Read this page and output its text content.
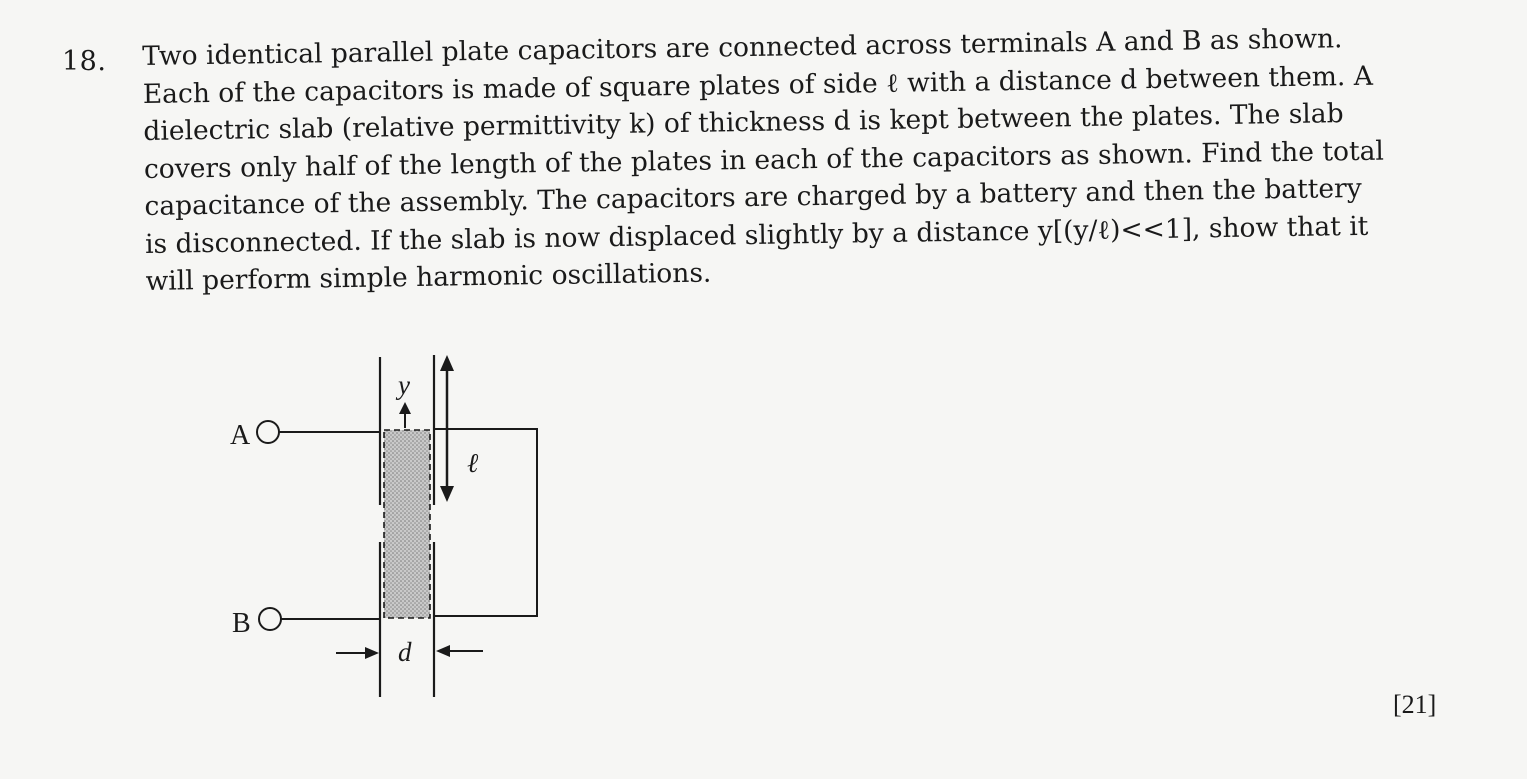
18. Two identical parallel plate capacitors are connected across terminals A and B as shown.
Each of the capacitors is made of square plates of side ℓ with a distance d between them. A
dielectric slab (relative permittivity k) of thickness d is kept between the plates. The slab
covers only half of the length of the plates in each of the capacitors as shown. Find the total
capacitance of the assembly. The capacitors are charged by a battery and then the battery
is disconnected. If the slab is now displaced slightly by a distance y[(y/ℓ)<<1], show that it
will perform simple harmonic oscillations.
A
B
y
ℓ
d
[21]
